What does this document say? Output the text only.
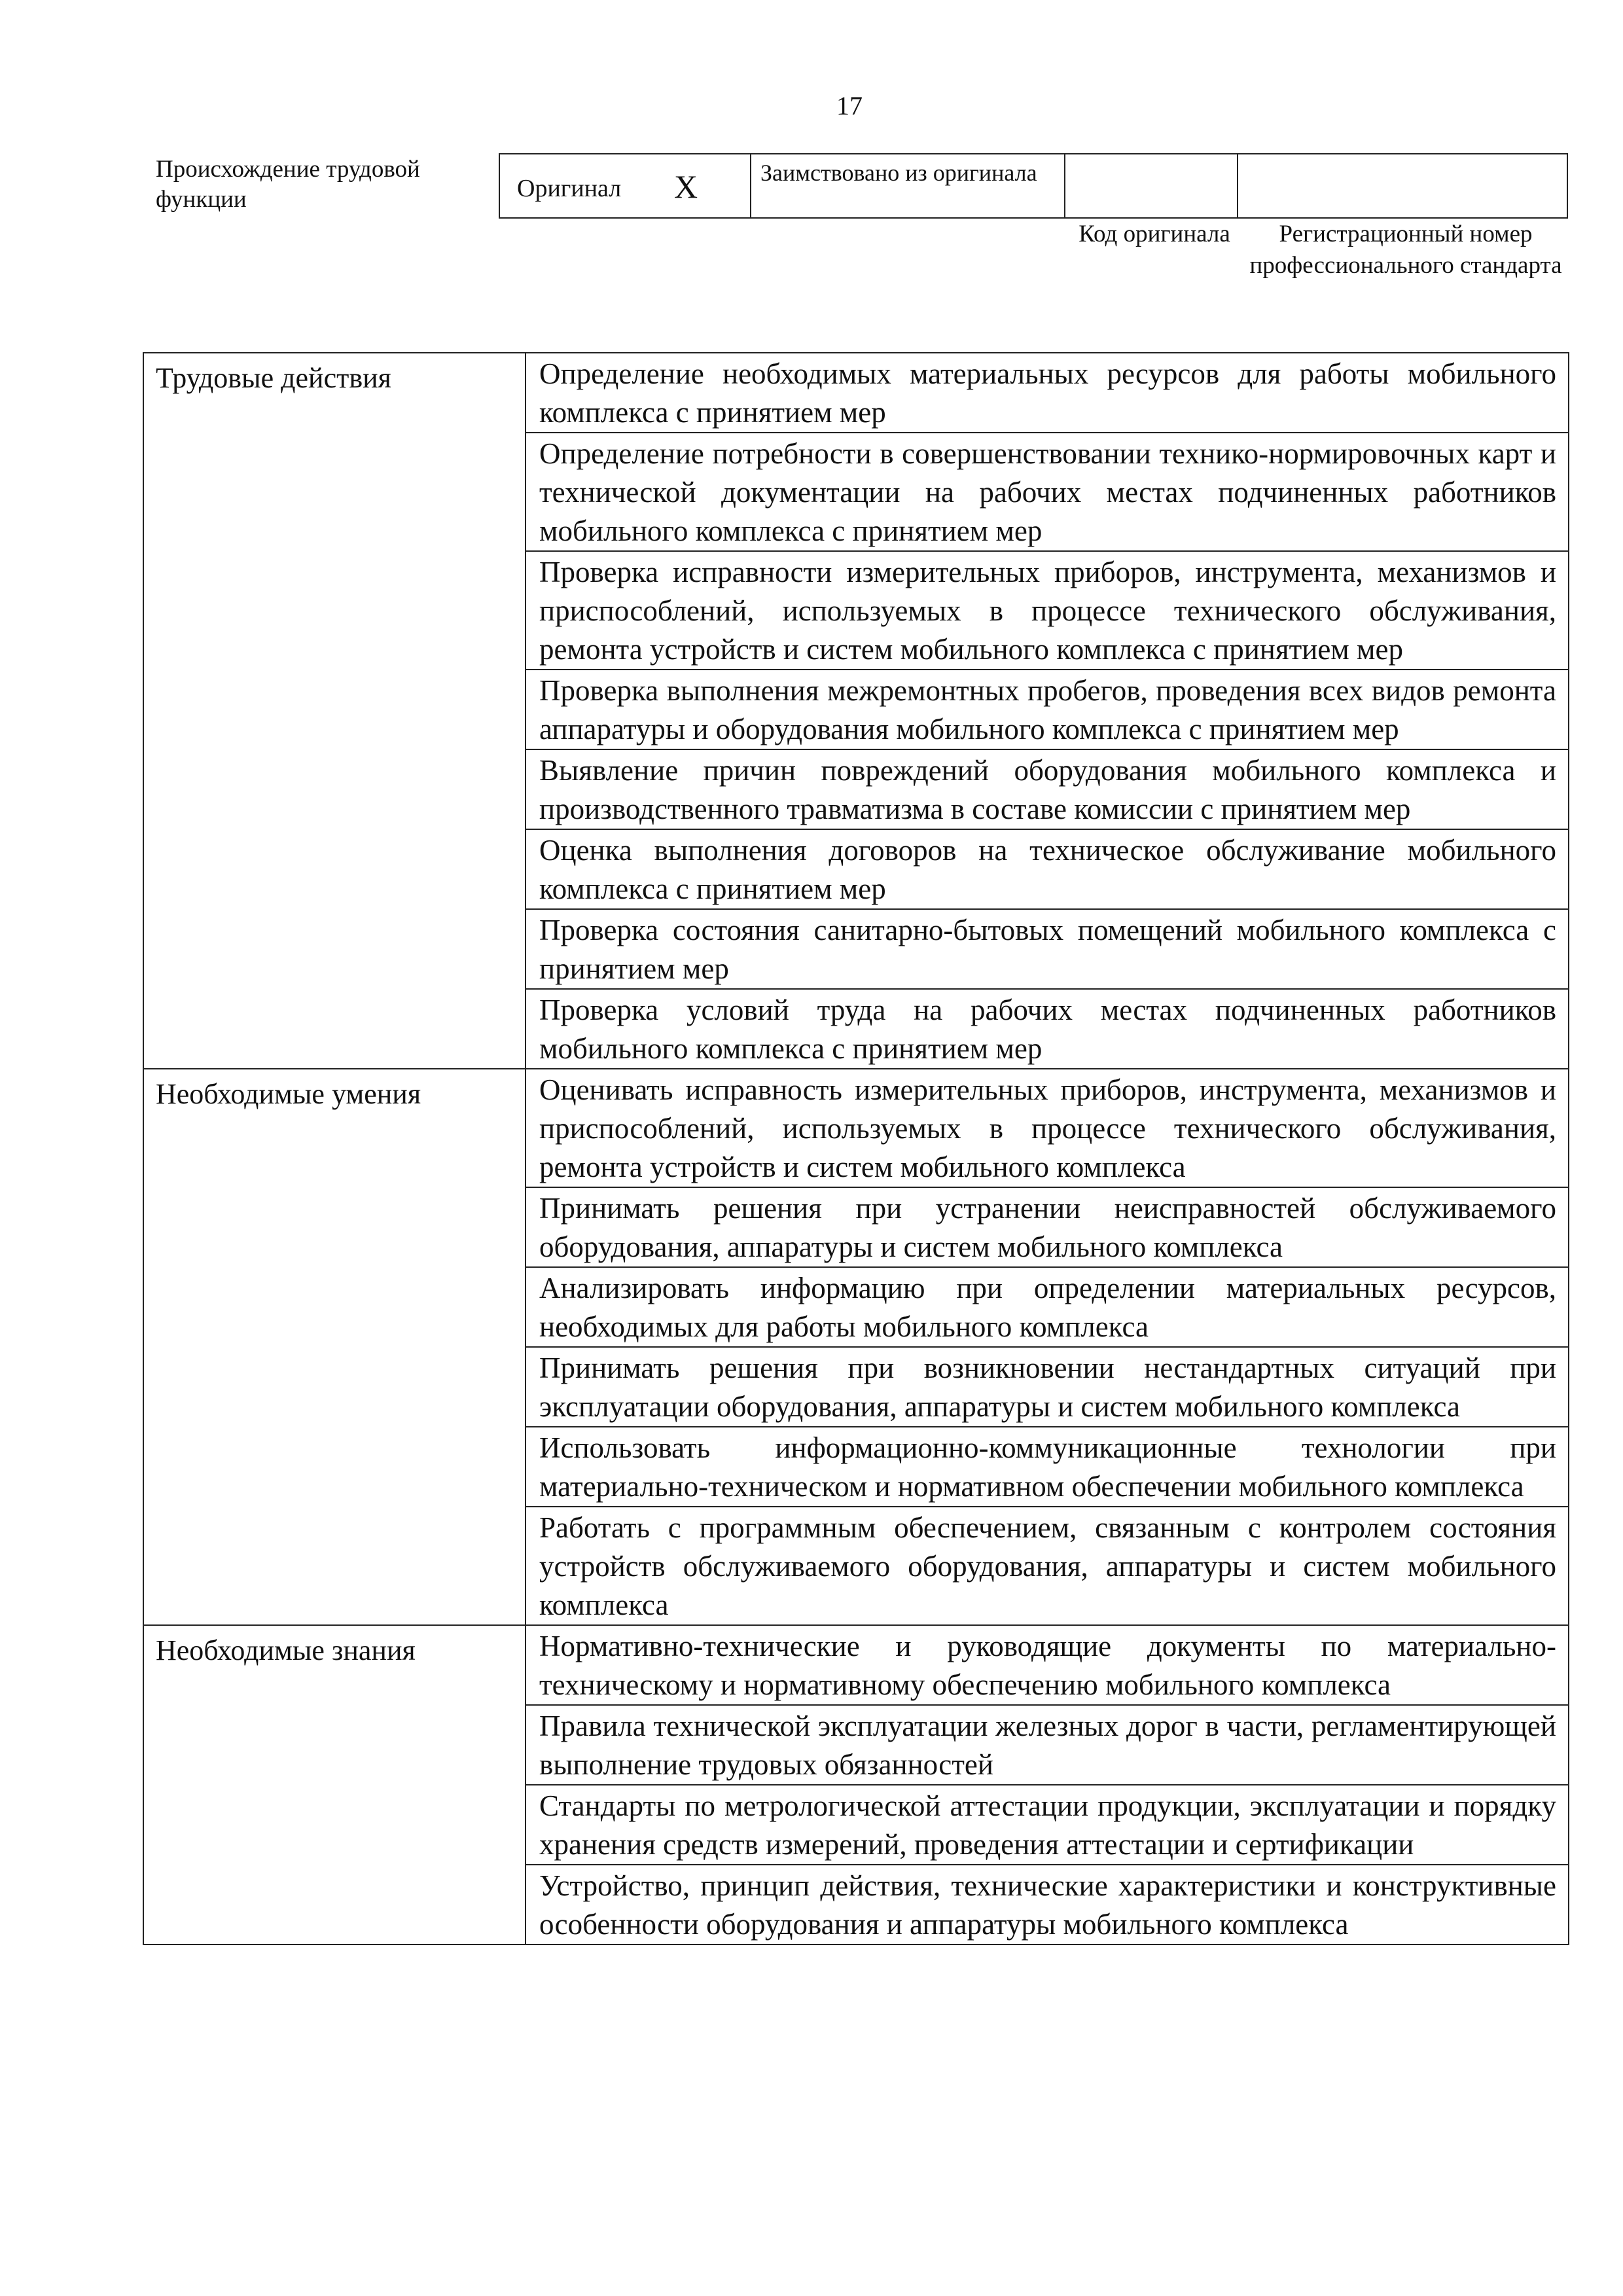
17
Происхождение трудовой функции	Оригинал X	Заимствовано из оригинала
Код оригинала	Регистрационный номер профессионального стандарта
Трудовые действия	Определение необходимых материальных ресурсов для работы мобильного комплекса с принятием мер
	Определение потребности в совершенствовании технико-нормировочных карт и технической документации на рабочих местах подчиненных работников мобильного комплекса с принятием мер
	Проверка исправности измерительных приборов, инструмента, механизмов и приспособлений, используемых в процессе технического обслуживания, ремонта устройств и систем мобильного комплекса с принятием мер
	Проверка выполнения межремонтных пробегов, проведения всех видов ремонта аппаратуры и оборудования мобильного комплекса с принятием мер
	Выявление причин повреждений оборудования мобильного комплекса и производственного травматизма в составе комиссии с принятием мер
	Оценка выполнения договоров на техническое обслуживание мобильного комплекса с принятием мер
	Проверка состояния санитарно-бытовых помещений мобильного комплекса с принятием мер
	Проверка условий труда на рабочих местах подчиненных работников мобильного комплекса с принятием мер
Необходимые умения	Оценивать исправность измерительных приборов, инструмента, механизмов и приспособлений, используемых в процессе технического обслуживания, ремонта устройств и систем мобильного комплекса
	Принимать решения при устранении неисправностей обслуживаемого оборудования, аппаратуры и систем мобильного комплекса
	Анализировать информацию при определении материальных ресурсов, необходимых для работы мобильного комплекса
	Принимать решения при возникновении нестандартных ситуаций при эксплуатации оборудования, аппаратуры и систем мобильного комплекса
	Использовать информационно-коммуникационные технологии при материально-техническом и нормативном обеспечении мобильного комплекса
	Работать с программным обеспечением, связанным с контролем состояния устройств обслуживаемого оборудования, аппаратуры и систем мобильного комплекса
Необходимые знания	Нормативно-технические и руководящие документы по материально-техническому и нормативному обеспечению мобильного комплекса
	Правила технической эксплуатации железных дорог в части, регламентирующей выполнение трудовых обязанностей
	Стандарты по метрологической аттестации продукции, эксплуатации и порядку хранения средств измерений, проведения аттестации и сертификации
	Устройство, принцип действия, технические характеристики и конструктивные особенности оборудования и аппаратуры мобильного комплекса
